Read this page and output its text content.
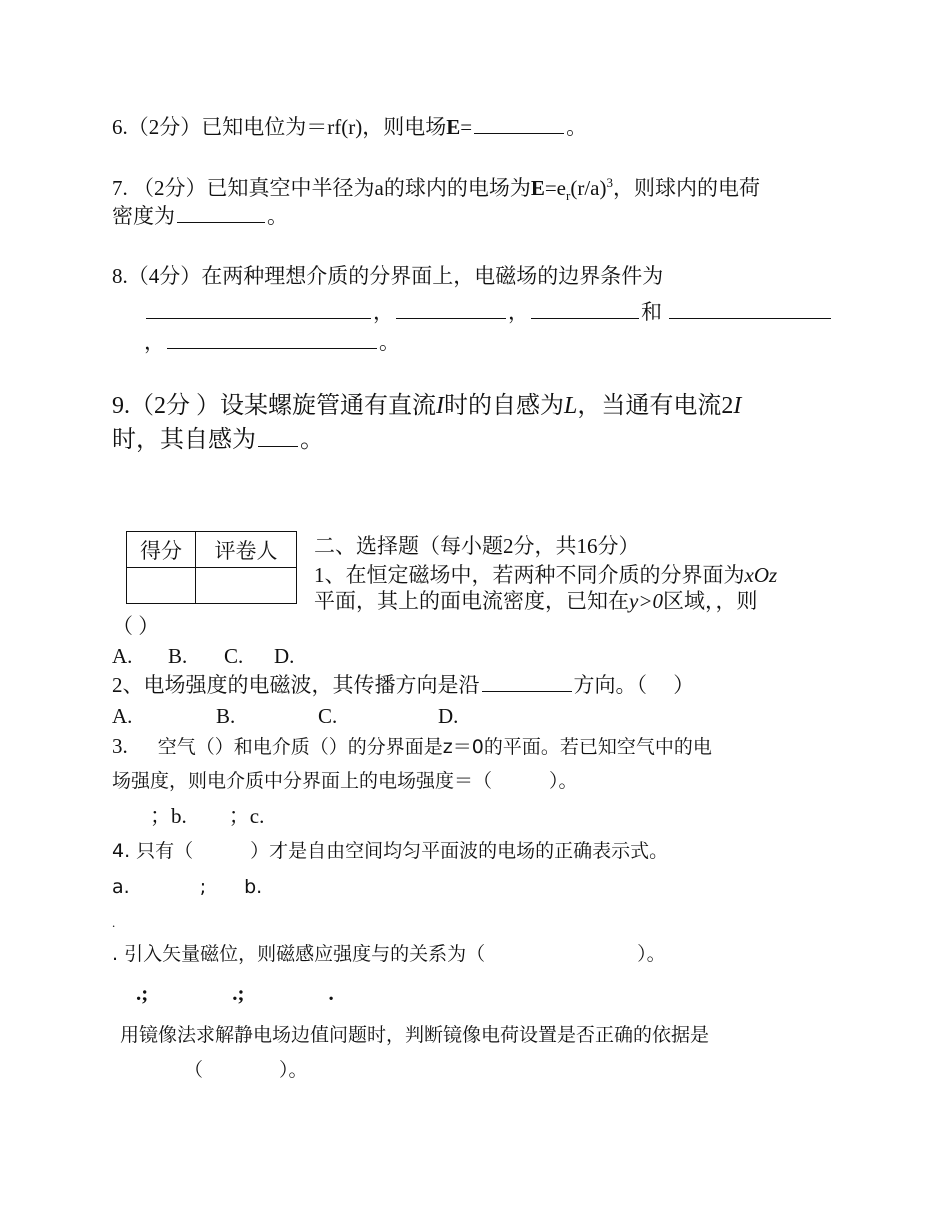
6.（2分）已知电位为＝rf(r)，则电场E=	。
7. （2分）已知真空中半径为a的球内的电场为$E=e_r(r/a)^3$，则球内的电荷
密度为	。
8.（4分）在两种理想介质的分界面上，电磁场的边界条件为
，	，	和
，	。
9.（2分 ）设某螺旋管通有直流I时的自感为L，当通有电流2I
时，其自感为 。
得分	评卷人
	二、选择题（每小题2分，共16分）
1、在恒定磁场中，若两种不同介质的分界面为xOz
平面，其上的面电流密度，已知在y>0区域，，则
（ ）
A. B. C. D.
2、电场强度的电磁波，其传播方向是沿	方向。（　 ）
A.	B.	C.	D.
3. 空气（）和电介质（）的分界面是z＝0的平面。若已知空气中的电
场强度，则电介质中分界面上的电场强度＝（　　　）。
；b.　　；c.
4. 只有（　　　）才是自由空间均匀平面波的电场的正确表示式。
a.	; b.
.
. 引入矢量磁位，则磁感应强度与的关系为（　　　　　　　　）。
.;　　　　.;　　　　.
用镜像法求解静电场边值问题时，判断镜像电荷设置是否正确的依据是
（　　　　）。
